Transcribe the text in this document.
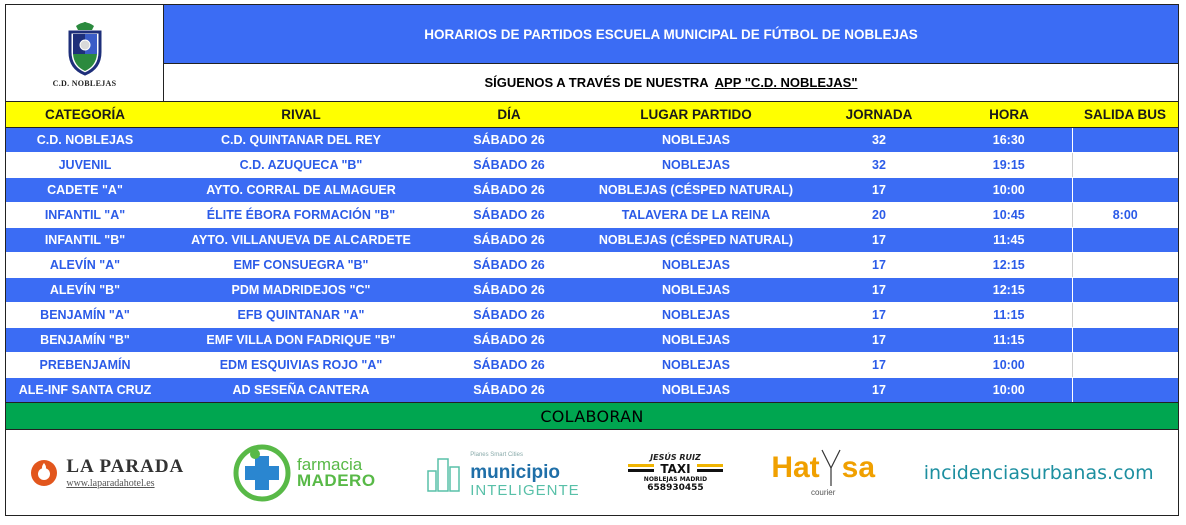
C.D. NOBLEJAS
HORARIOS DE PARTIDOS ESCUELA MUNICIPAL DE FÚTBOL DE NOBLEJAS
SÍGUENOS A TRAVÉS DE NUESTRA APP "C.D. NOBLEJAS"
CATEGORÍA	RIVAL	DÍA	LUGAR PARTIDO	JORNADA	HORA	SALIDA BUS
C.D. NOBLEJAS	C.D. QUINTANAR DEL REY	SÁBADO 26	NOBLEJAS	32	16:30	
JUVENIL	C.D. AZUQUECA "B"	SÁBADO 26	NOBLEJAS	32	19:15	
CADETE "A"	AYTO. CORRAL DE ALMAGUER	SÁBADO 26	NOBLEJAS (CÉSPED NATURAL)	17	10:00	
INFANTIL "A"	ÉLITE ÉBORA FORMACIÓN "B"	SÁBADO 26	TALAVERA DE LA REINA	20	10:45	8:00
INFANTIL "B"	AYTO. VILLANUEVA DE ALCARDETE	SÁBADO 26	NOBLEJAS (CÉSPED NATURAL)	17	11:45	
ALEVÍN "A"	EMF CONSUEGRA "B"	SÁBADO 26	NOBLEJAS	17	12:15	
ALEVÍN "B"	PDM MADRIDEJOS "C"	SÁBADO 26	NOBLEJAS	17	12:15	
BENJAMÍN "A"	EFB QUINTANAR "A"	SÁBADO 26	NOBLEJAS	17	11:15	
BENJAMÍN "B"	EMF VILLA DON FADRIQUE "B"	SÁBADO 26	NOBLEJAS	17	11:15	
PREBENJAMÍN	EDM ESQUIVIAS ROJO "A"	SÁBADO 26	NOBLEJAS	17	10:00	
ALE-INF SANTA CRUZ	AD SESEÑA CANTERA	SÁBADO 26	NOBLEJAS	17	10:00	
COLABORAN
LA PARADA
www.laparadahotel.es
farmacia
MADERO
Planes Smart Cities
municipio
INTELIGENTE
JESÚS RUIZ
TAXI
NOBLEJAS MADRID
658930455
Hat sa
courier
incidenciasurbanas.com
